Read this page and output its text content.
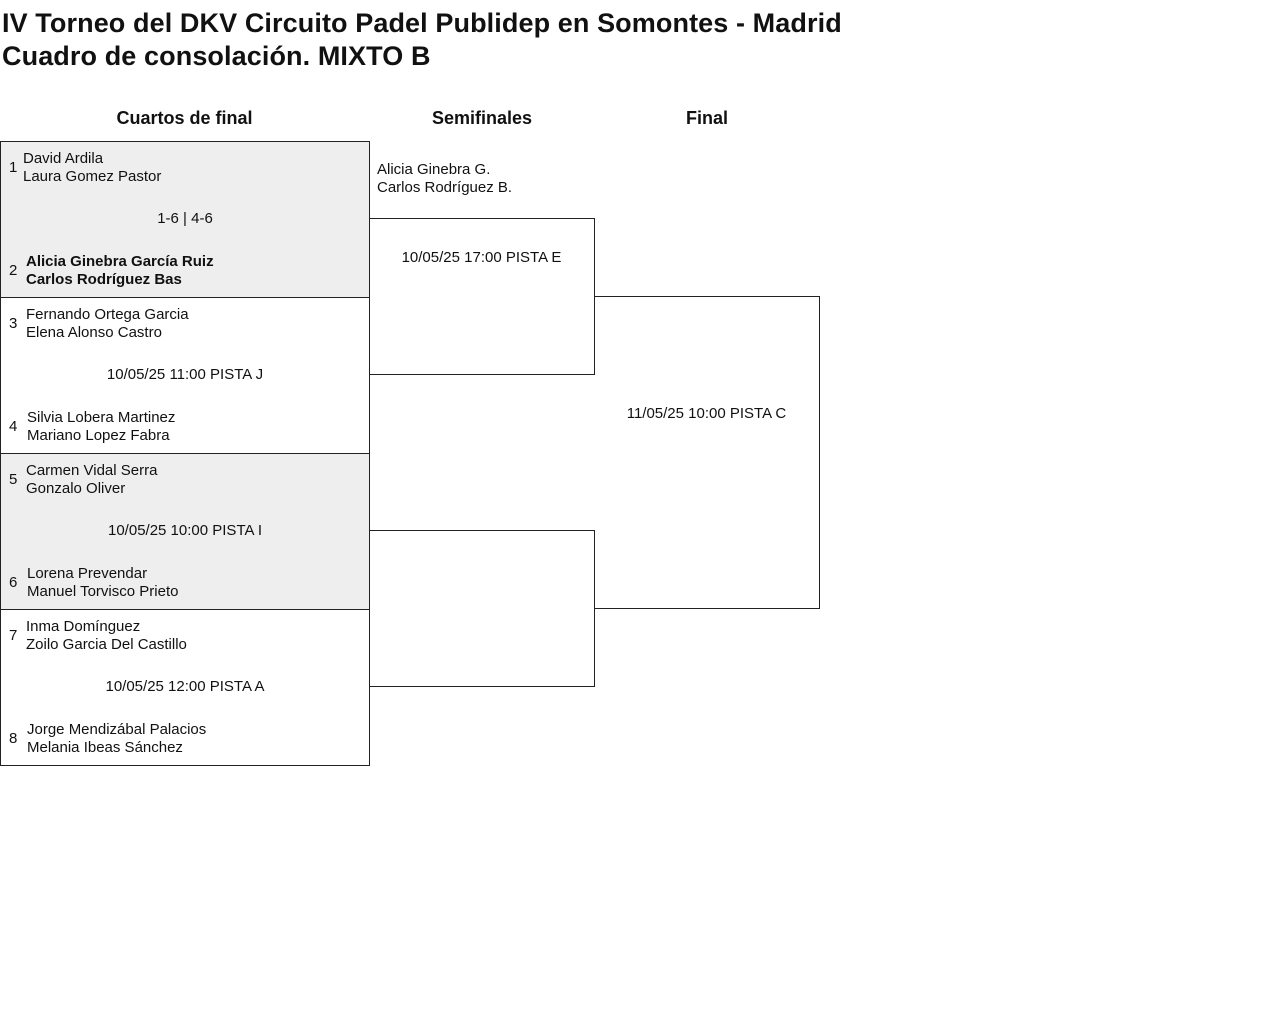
IV Torneo del DKV Circuito Padel Publidep en Somontes - Madrid
Cuadro de consolación. MIXTO B
Cuartos de final	Semifinales	Final
1
David Ardila
Laura Gomez Pastor
1-6 | 4-6
2
Alicia Ginebra García Ruiz
Carlos Rodríguez Bas
3
Fernando Ortega Garcia
Elena Alonso Castro
10/05/25 11:00 PISTA J
4
Silvia Lobera Martinez
Mariano Lopez Fabra
5
Carmen Vidal Serra
Gonzalo Oliver
10/05/25 10:00 PISTA I
6
Lorena Prevendar
Manuel Torvisco Prieto
7
Inma Domínguez
Zoilo Garcia Del Castillo
10/05/25 12:00 PISTA A
8
Jorge Mendizábal Palacios
Melania Ibeas Sánchez
Alicia Ginebra G.
Carlos Rodríguez B.
10/05/25 17:00 PISTA E
11/05/25 10:00 PISTA C
